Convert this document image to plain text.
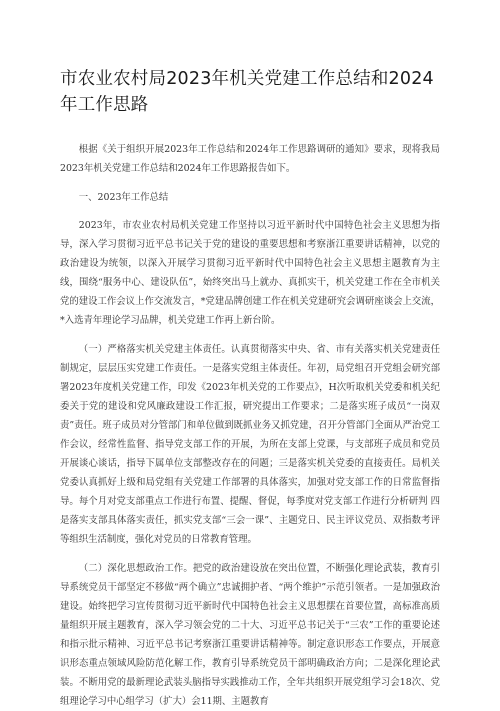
市农业农村局2023年机关党建工作总结和2024年工作思路

根据《关于组织开展2023年工作总结和2024年工作思路调研的通知》要求，现将我局2023年机关党建工作总结和2024年工作思路报告如下。

一、2023年工作总结

2023年，市农业农村局机关党建工作坚持以习近平新时代中国特色社会主义思想为指导，深入学习贯彻习近平总书记关于党的建设的重要思想和考察浙江重要讲话精神，以党的政治建设为统领，以深入开展学习贯彻习近平新时代中国特色社会主义思想主题教育为主线，围绕“服务中心、建设队伍”，始终突出马上就办、真抓实干，机关党建工作在全市机关党的建设工作会议上作交流发言，*党建品牌创建工作在机关党建研究会调研座谈会上交流，*入选青年理论学习品牌，机关党建工作再上新台阶。

（一）严格落实机关党建主体责任。认真贯彻落实中央、省、市有关落实机关党建责任制规定，层层压实党建工作责任。一是落实党组主体责任。年初，局党组召开党组会研究部署2023年度机关党建工作，印发《2023年机关党的工作要点》，H次听取机关党委和机关纪委关于党的建设和党风廉政建设工作汇报，研究提出工作要求；二是落实班子成员“一岗双责”责任。班子成员对分管部门和单位做到既抓业务又抓党建，召开分管部门全面从严治党工作会议，经常性监督、指导党支部工作的开展，为所在支部上党课，与支部班子成员和党员开展谈心谈话，指导下属单位支部整改存在的问题；三是落实机关党委的直接责任。局机关党委认真抓好上级和局党组有关党建工作部署的具体落实，加强对党支部工作的日常监督指导。每个月对党支部重点工作进行布置、提醒、督促，每季度对党支部工作进行分析研判 四是落实支部具体落实责任，抓实党支部“三会一课”、主题党日、民主评议党员、双指数考评等组织生活制度，强化对党员的日常教育管理。

（二）深化思想政治工作。把党的政治建设放在突出位置，不断强化理论武装，教育引导系统党员干部坚定不移做“两个确立”忠诚拥护者、“两个维护”示范引领者。一是加强政治建设。始终把学习宣传贯彻习近平新时代中国特色社会主义思想摆在首要位置，高标准高质量组织开展主题教育，深入学习领会党的二十大、习近平总书记关于“三农”工作的重要论述和指示批示精神、习近平总书记考察浙江重要讲话精神等。制定意识形态工作要点，开展意识形态重点领域风险防范化解工作，教育引导系统党员干部明确政治方向；二是深化理论武装。不断用党的最新理论武装头脑指导实践推动工作，全年共组织开展党组学习会18次、党组理论学习中心组学习（扩大）会11期、主题教育
